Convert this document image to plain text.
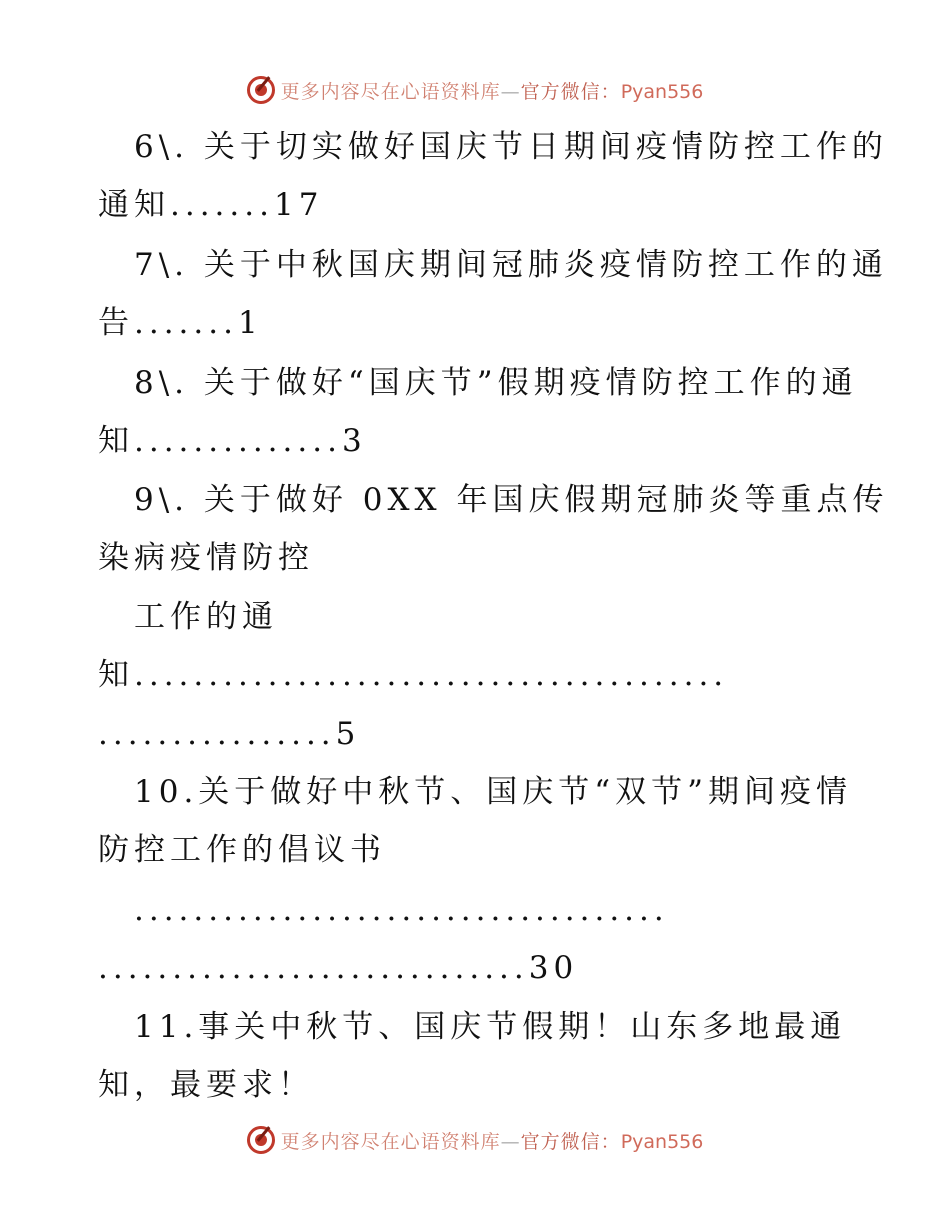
更多内容尽在心语资料库—官方微信：Pyan556
6\. 关于切实做好国庆节日期间疫情防控工作的
通知.......17
7\. 关于中秋国庆期间冠肺炎疫情防控工作的通
告.......1
8\. 关于做好“国庆节”假期疫情防控工作的通
知..............3
9\. 关于做好 0XX 年国庆假期冠肺炎等重点传
染病疫情防控
工作的通
知........................................
................5
10.关于做好中秋节、国庆节“双节”期间疫情
防控工作的倡议书
....................................
.............................30
11.事关中秋节、国庆节假期！山东多地最通
知，最要求！
更多内容尽在心语资料库—官方微信：Pyan556
